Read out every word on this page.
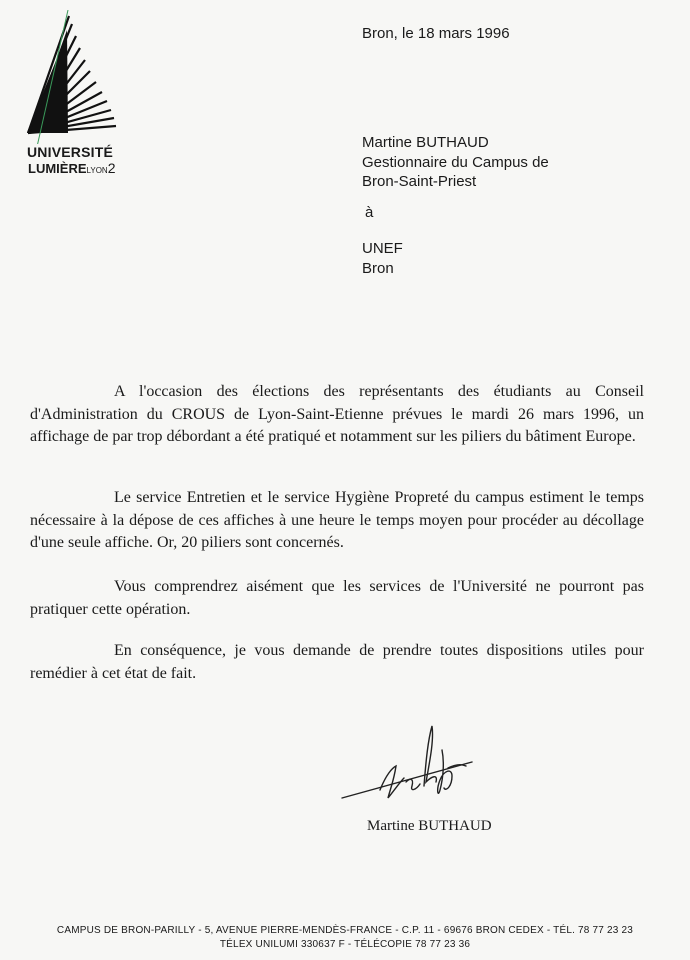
UNIVERSITÉ
LUMIÈRELYON2
Bron, le 18 mars 1996
Martine BUTHAUD
Gestionnaire du Campus de
Bron-Saint-Priest
à
UNEF
Bron

A l'occasion des élections des représentants des étudiants au Conseil d'Administration du CROUS de Lyon-Saint-Etienne prévues le mardi 26 mars 1996, un affichage de par trop débordant a été pratiqué et notamment sur les piliers du bâtiment Europe.

Le service Entretien et le service Hygiène Propreté du campus estiment le temps nécessaire à la dépose de ces affiches à une heure le temps moyen pour procéder au décollage d'une seule affiche. Or, 20 piliers sont concernés.

Vous comprendrez aisément que les services de l'Université ne pourront pas pratiquer cette opération.

En conséquence, je vous demande de prendre toutes dispositions utiles pour remédier à cet état de fait.

Martine BUTHAUD
CAMPUS DE BRON-PARILLY - 5, AVENUE PIERRE-MENDÈS-FRANCE - C.P. 11 - 69676 BRON CEDEX - TÉL. 78 77 23 23
TÉLEX UNILUMI 330637 F - TÉLÉCOPIE 78 77 23 36
